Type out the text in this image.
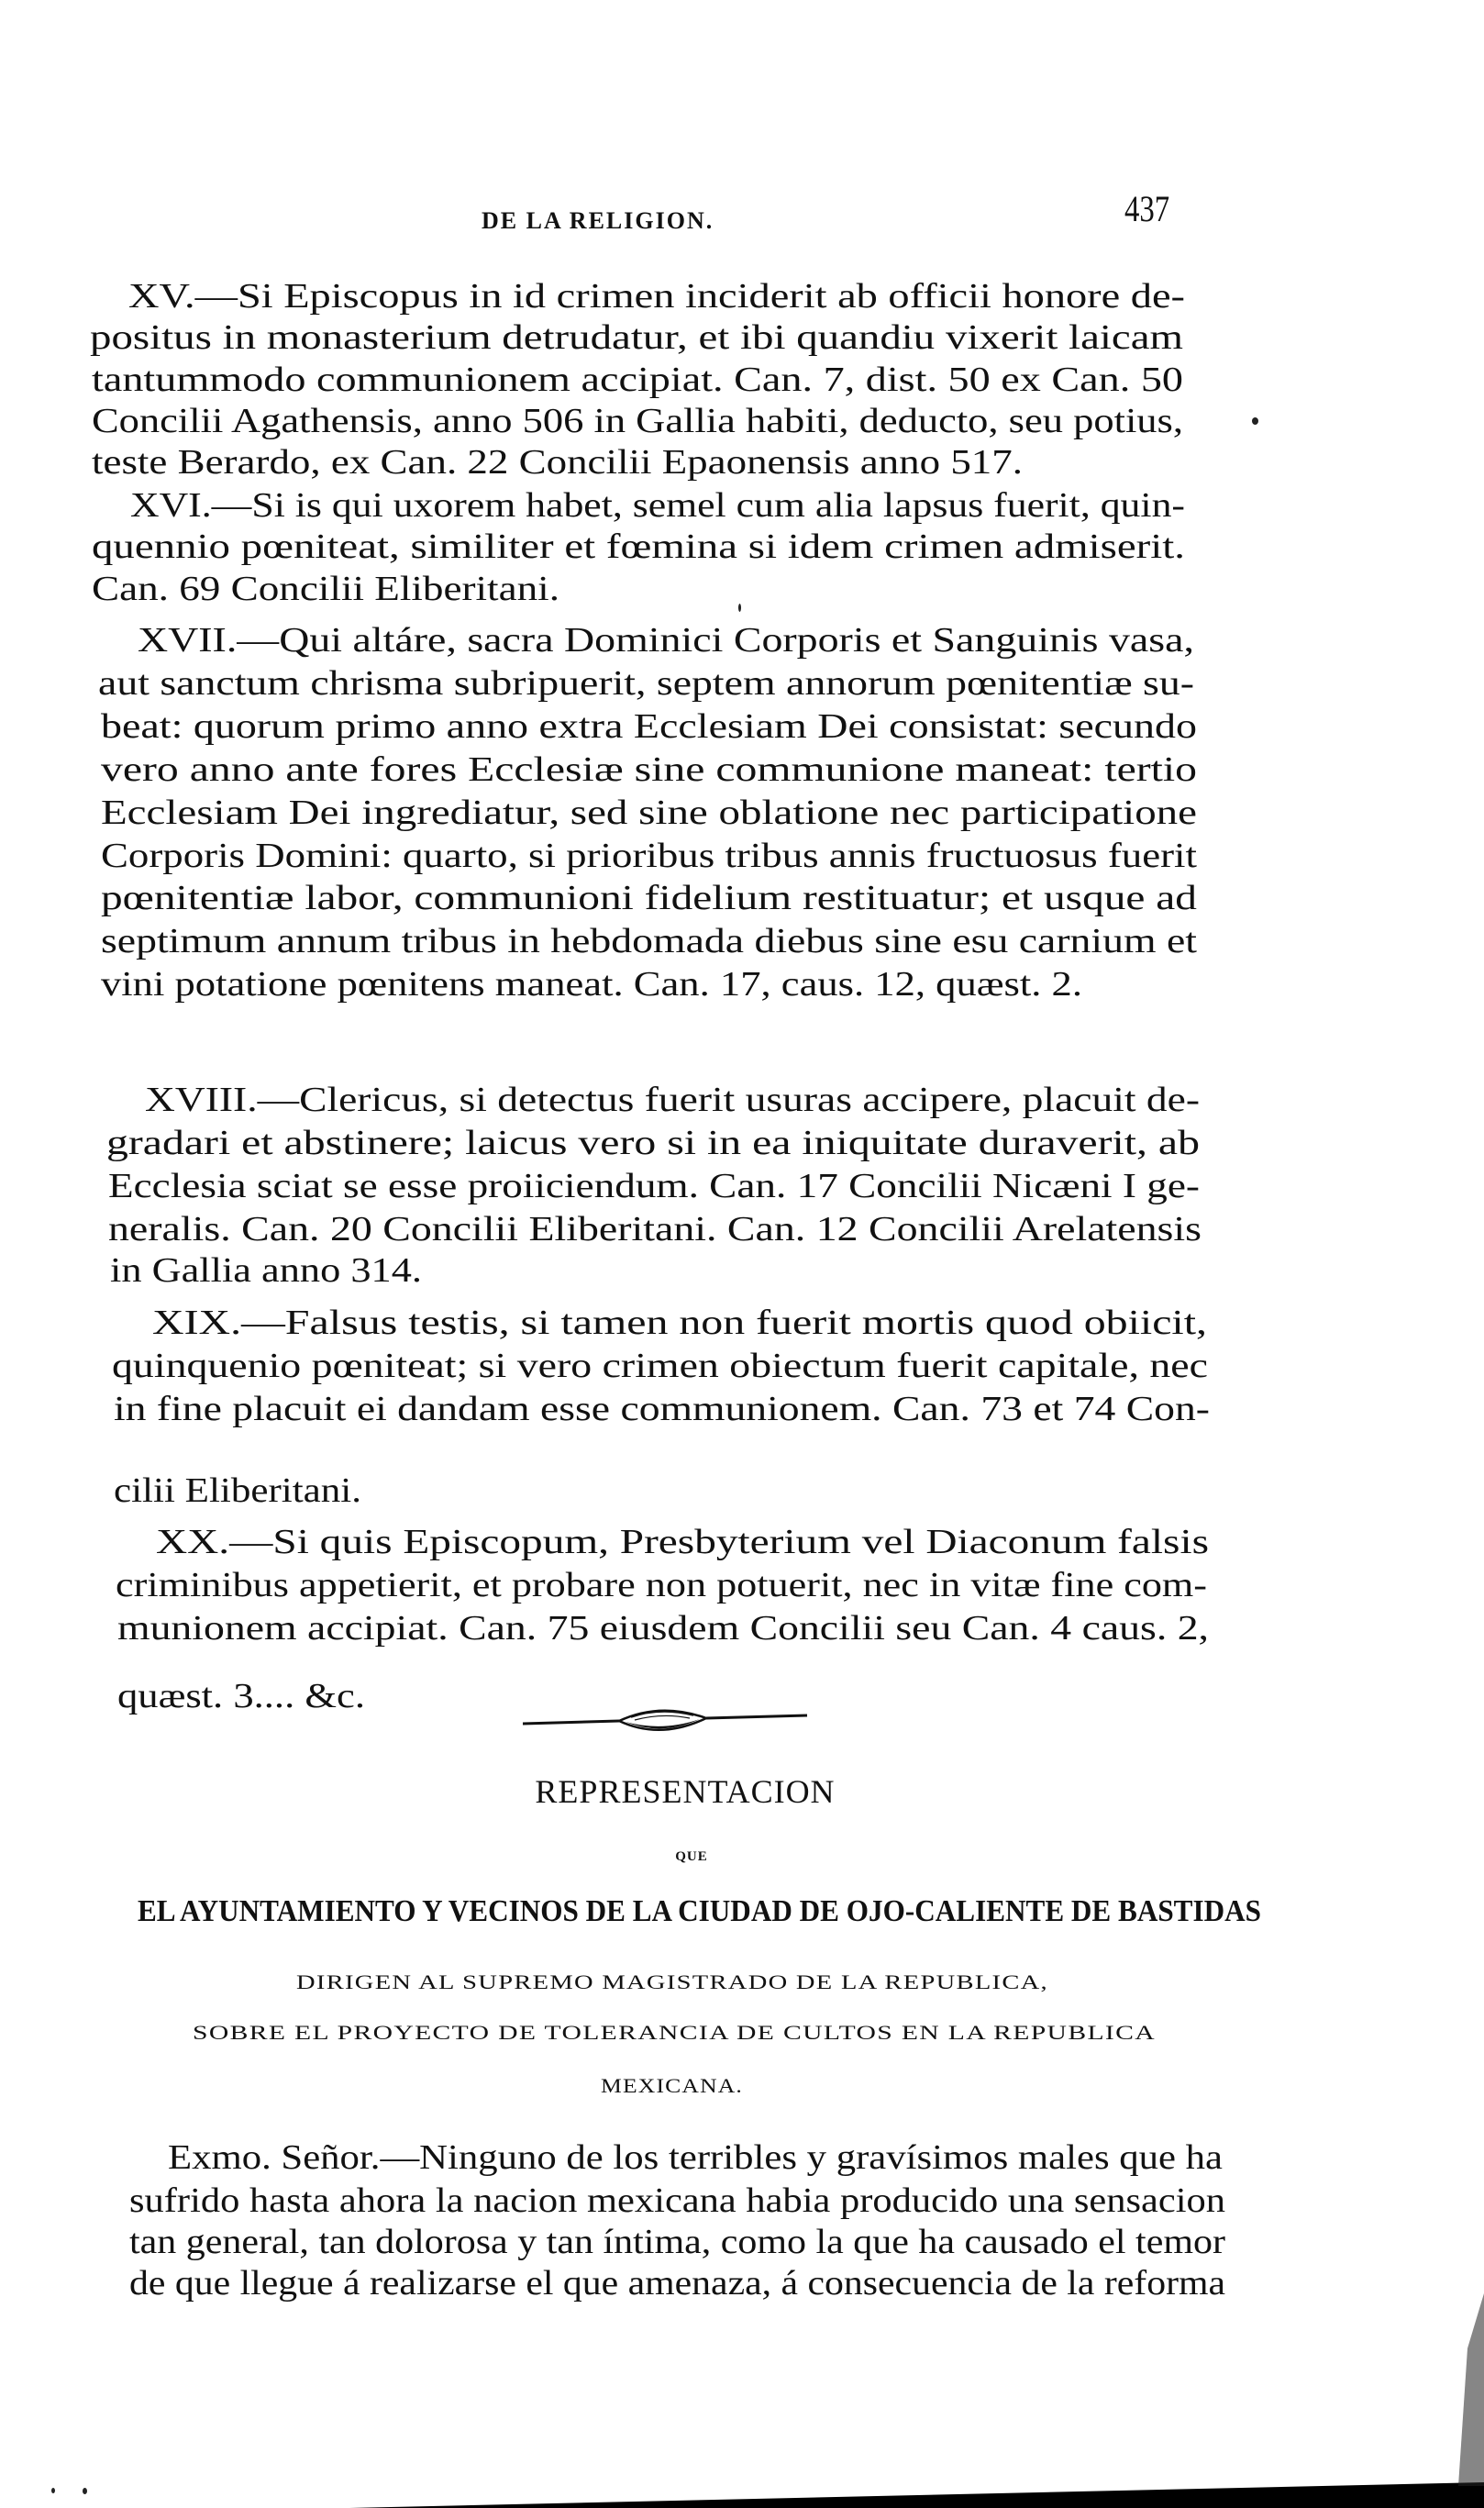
DE LA RELIGION.	437
XV.—Si Episcopus in id crimen inciderit ab officii honore de-
positus in monasterium detrudatur, et ibi quandiu vixerit laicam
tantummodo communionem accipiat. Can. 7, dist. 50 ex Can. 50
Concilii Agathensis, anno 506 in Gallia habiti, deducto, seu potius,
teste Berardo, ex Can. 22 Concilii Epaonensis anno 517.
XVI.—Si is qui uxorem habet, semel cum alia lapsus fuerit, quin-
quennio pœniteat, similiter et fœmina si idem crimen admiserit.
Can. 69 Concilii Eliberitani.
XVII.—Qui altáre, sacra Dominici Corporis et Sanguinis vasa,
aut sanctum chrisma subripuerit, septem annorum pœnitentiæ su-
beat: quorum primo anno extra Ecclesiam Dei consistat: secundo
vero anno ante fores Ecclesiæ sine communione maneat: tertio
Ecclesiam Dei ingrediatur, sed sine oblatione nec participatione
Corporis Domini: quarto, si prioribus tribus annis fructuosus fuerit
pœnitentiæ labor, communioni fidelium restituatur; et usque ad
septimum annum tribus in hebdomada diebus sine esu carnium et
vini potatione pœnitens maneat. Can. 17, caus. 12, quæst. 2.
XVIII.—Clericus, si detectus fuerit usuras accipere, placuit de-
gradari et abstinere; laicus vero si in ea iniquitate duraverit, ab
Ecclesia sciat se esse proiiciendum. Can. 17 Concilii Nicæni I ge-
neralis. Can. 20 Concilii Eliberitani. Can. 12 Concilii Arelatensis
in Gallia anno 314.
XIX.—Falsus testis, si tamen non fuerit mortis quod obiicit,
quinquenio pœniteat; si vero crimen obiectum fuerit capitale, nec
in fine placuit ei dandam esse communionem. Can. 73 et 74 Con-
cilii Eliberitani.
XX.—Si quis Episcopum, Presbyterium vel Diaconum falsis
criminibus appetierit, et probare non potuerit, nec in vitæ fine com-
munionem accipiat. Can. 75 eiusdem Concilii seu Can. 4 caus. 2,
quæst. 3.... &c.
REPRESENTACION
QUE
EL AYUNTAMIENTO Y VECINOS DE LA CIUDAD DE OJO-CALIENTE DE BASTIDAS
DIRIGEN AL SUPREMO MAGISTRADO DE LA REPUBLICA,
SOBRE EL PROYECTO DE TOLERANCIA DE CULTOS EN LA REPUBLICA
MEXICANA.
Exmo. Señor.—Ninguno de los terribles y gravísimos males que ha
sufrido hasta ahora la nacion mexicana habia producido una sensacion
tan general, tan dolorosa y tan íntima, como la que ha causado el temor
de que llegue á realizarse el que amenaza, á consecuencia de la reforma
